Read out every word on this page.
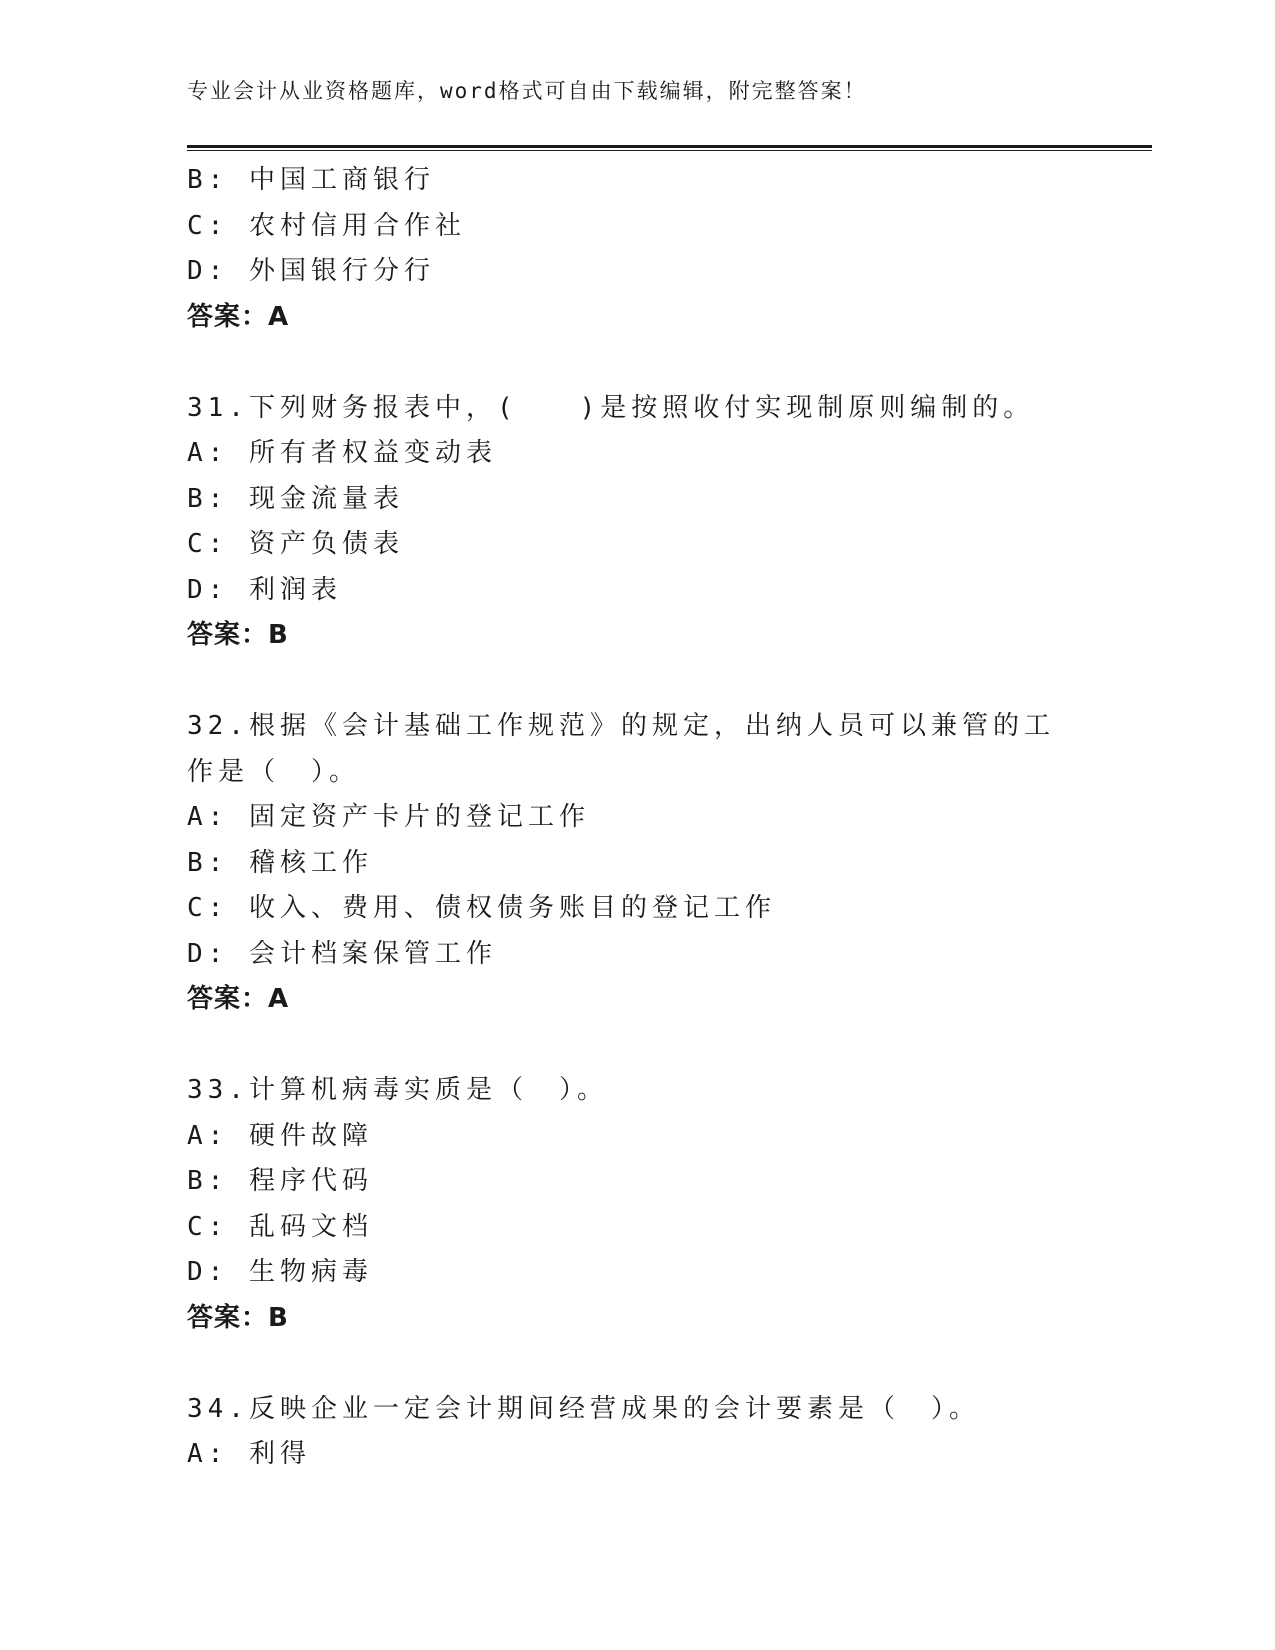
专业会计从业资格题库，word格式可自由下载编辑，附完整答案！
B: 中国工商银行
C: 农村信用合作社
D: 外国银行分行
答案：A
31.下列财务报表中，(　　)是按照收付实现制原则编制的。
A: 所有者权益变动表
B: 现金流量表
C: 资产负债表
D: 利润表
答案：B
32.根据《会计基础工作规范》的规定，出纳人员可以兼管的工作是（　）。
A: 固定资产卡片的登记工作
B: 稽核工作
C: 收入、费用、债权债务账目的登记工作
D: 会计档案保管工作
答案：A
33.计算机病毒实质是（　）。
A: 硬件故障
B: 程序代码
C: 乱码文档
D: 生物病毒
答案：B
34.反映企业一定会计期间经营成果的会计要素是（　）。
A: 利得
